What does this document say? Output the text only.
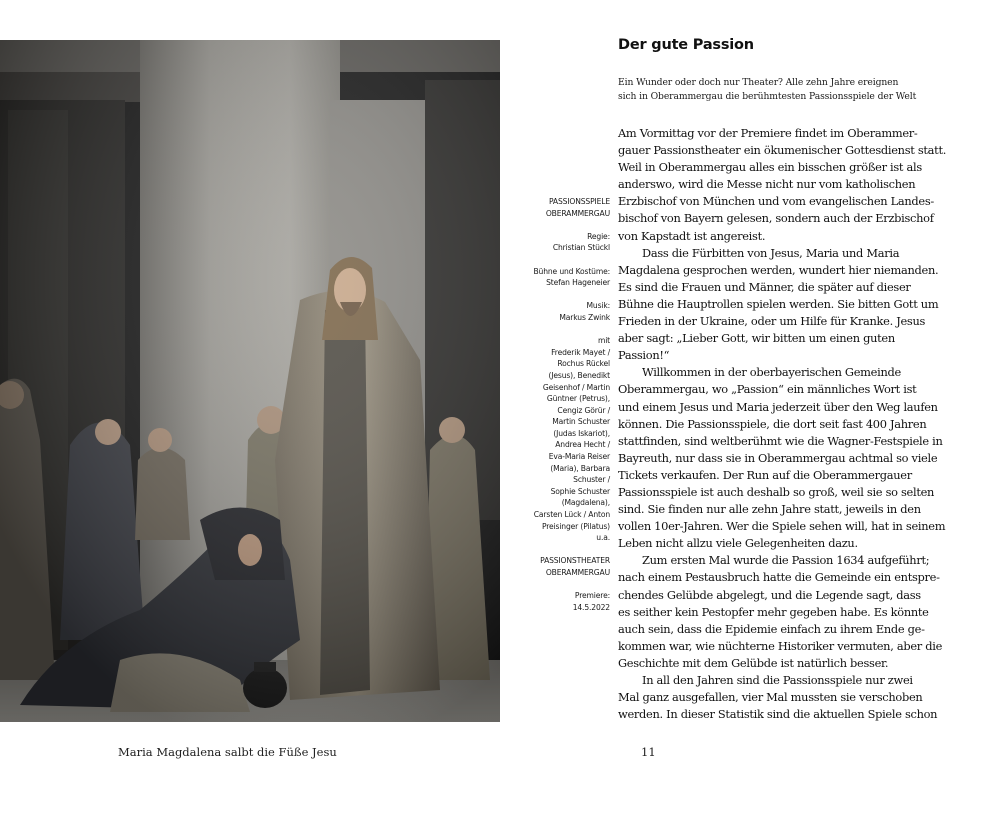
PASSIONSSPIELE

OBERAMMERGAU

Regie:

Christian Stückl

Bühne und Kostüme:

Stefan Hageneier

Musik:

Markus Zwink

mit

Frederik Mayet /

Rochus Rückel

(Jesus), Benedikt

Geisenhof / Martin

Güntner (Petrus),

Cengiz Görür /

Martin Schuster

(Judas Iskariot),

Andrea Hecht /

Eva-Maria Reiser

(Maria), Barbara

Schuster /

Sophie Schuster

(Magdalena),

Carsten Lück / Anton

Preisinger (Pilatus)

u.a.

PASSIONSTHEATER

OBERAMMERGAU

Premiere:

14.5.2022

Der gute Passion

Ein Wunder oder doch nur Theater? Alle zehn Jahre ereignen
sich in Oberammergau die berühmtesten Passionsspiele der Welt

Am Vormittag vor der Premiere findet im Oberammer-
gauer Passionstheater ein ökumenischer Gottesdienst statt.
Weil in Oberammergau alles ein bisschen größer ist als
anderswo, wird die Messe nicht nur vom katholischen
Erzbischof von München und vom evangelischen Landes-
bischof von Bayern gelesen, sondern auch der Erzbischof
von Kapstadt ist angereist.
Dass die Fürbitten von Jesus, Maria und Maria
Magdalena gesprochen werden, wundert hier niemanden.
Es sind die Frauen und Männer, die später auf dieser
Bühne die Hauptrollen spielen werden. Sie bitten Gott um
Frieden in der Ukraine, oder um Hilfe für Kranke. Jesus
aber sagt: „Lieber Gott, wir bitten um einen guten
Passion!“
Willkommen in der oberbayerischen Gemeinde
Oberammergau, wo „Passion“ ein männliches Wort ist
und einem Jesus und Maria jederzeit über den Weg laufen
können. Die Passionsspiele, die dort seit fast 400 Jahren
stattfinden, sind weltberühmt wie die Wagner-Festspiele in
Bayreuth, nur dass sie in Oberammergau achtmal so viele
Tickets verkaufen. Der Run auf die Oberammergauer
Passionsspiele ist auch deshalb so groß, weil sie so selten
sind. Sie finden nur alle zehn Jahre statt, jeweils in den
vollen 10er-Jahren. Wer die Spiele sehen will, hat in seinem
Leben nicht allzu viele Gelegenheiten dazu.
Zum ersten Mal wurde die Passion 1634 aufgeführt;
nach einem Pestausbruch hatte die Gemeinde ein entspre-
chendes Gelübde abgelegt, und die Legende sagt, dass
es seither kein Pestopfer mehr gegeben habe. Es könnte
auch sein, dass die Epidemie einfach zu ihrem Ende ge-
kommen war, wie nüchterne Historiker vermuten, aber die
Geschichte mit dem Gelübde ist natürlich besser.
In all den Jahren sind die Passionsspiele nur zwei
Mal ganz ausgefallen, vier Mal mussten sie verschoben
werden. In dieser Statistik sind die aktuellen Spiele schon
Maria Magdalena salbt die Füße Jesu	11
